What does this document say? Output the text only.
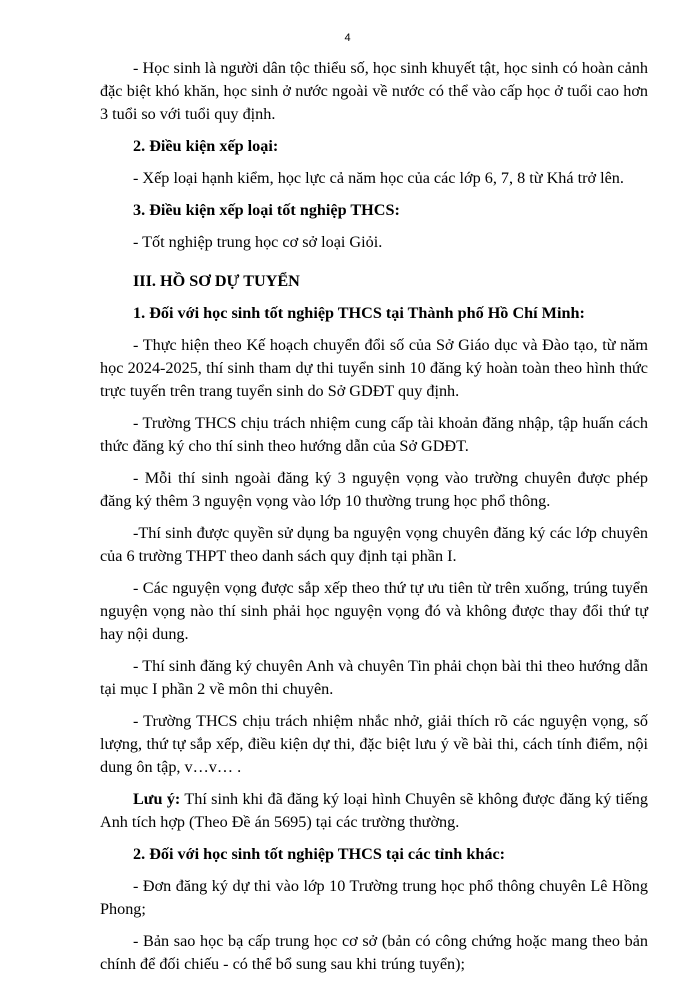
4

- Học sinh là người dân tộc thiểu số, học sinh khuyết tật, học sinh có hoàn cảnh đặc biệt khó khăn, học sinh ở nước ngoài về nước có thể vào cấp học ở tuổi cao hơn 3 tuổi so với tuổi quy định.

2. Điều kiện xếp loại:

- Xếp loại hạnh kiểm, học lực cả năm học của các lớp 6, 7, 8 từ Khá trở lên.

3. Điều kiện xếp loại tốt nghiệp THCS:

- Tốt nghiệp trung học cơ sở loại Giỏi.

III. HỒ SƠ DỰ TUYỂN

1. Đối với học sinh tốt nghiệp THCS tại Thành phố Hồ Chí Minh:

- Thực hiện theo Kế hoạch chuyển đổi số của Sở Giáo dục và Đào tạo, từ năm học 2024-2025, thí sinh tham dự thi tuyển sinh 10 đăng ký hoàn toàn theo hình thức trực tuyến trên trang tuyển sinh do Sở GDĐT quy định.

- Trường THCS chịu trách nhiệm cung cấp tài khoản đăng nhập, tập huấn cách thức đăng ký cho thí sinh theo hướng dẫn của Sở GDĐT.

- Mỗi thí sinh ngoài đăng ký 3 nguyện vọng vào trường chuyên được phép đăng ký thêm 3 nguyện vọng vào lớp 10 thường trung học phổ thông.

-Thí sinh được quyền sử dụng ba nguyện vọng chuyên đăng ký các lớp chuyên của 6 trường THPT theo danh sách quy định tại phần I.

- Các nguyện vọng được sắp xếp theo thứ tự ưu tiên từ trên xuống, trúng tuyển nguyện vọng nào thí sinh phải học nguyện vọng đó và không được thay đổi thứ tự hay nội dung.

- Thí sinh đăng ký chuyên Anh và chuyên Tin phải chọn bài thi theo hướng dẫn tại mục I phần 2 về môn thi chuyên.

- Trường THCS chịu trách nhiệm nhắc nhở, giải thích rõ các nguyện vọng, số lượng, thứ tự sắp xếp, điều kiện dự thi, đặc biệt lưu ý về bài thi, cách tính điểm, nội dung ôn tập, v…v… .

Lưu ý: Thí sinh khi đã đăng ký loại hình Chuyên sẽ không được đăng ký tiếng Anh tích hợp (Theo Đề án 5695) tại các trường thường.

2. Đối với học sinh tốt nghiệp THCS tại các tỉnh khác:

- Đơn đăng ký dự thi vào lớp 10 Trường trung học phổ thông chuyên Lê Hồng Phong;

- Bản sao học bạ cấp trung học cơ sở (bản có công chứng hoặc mang theo bản chính để đối chiếu - có thể bổ sung sau khi trúng tuyển);
